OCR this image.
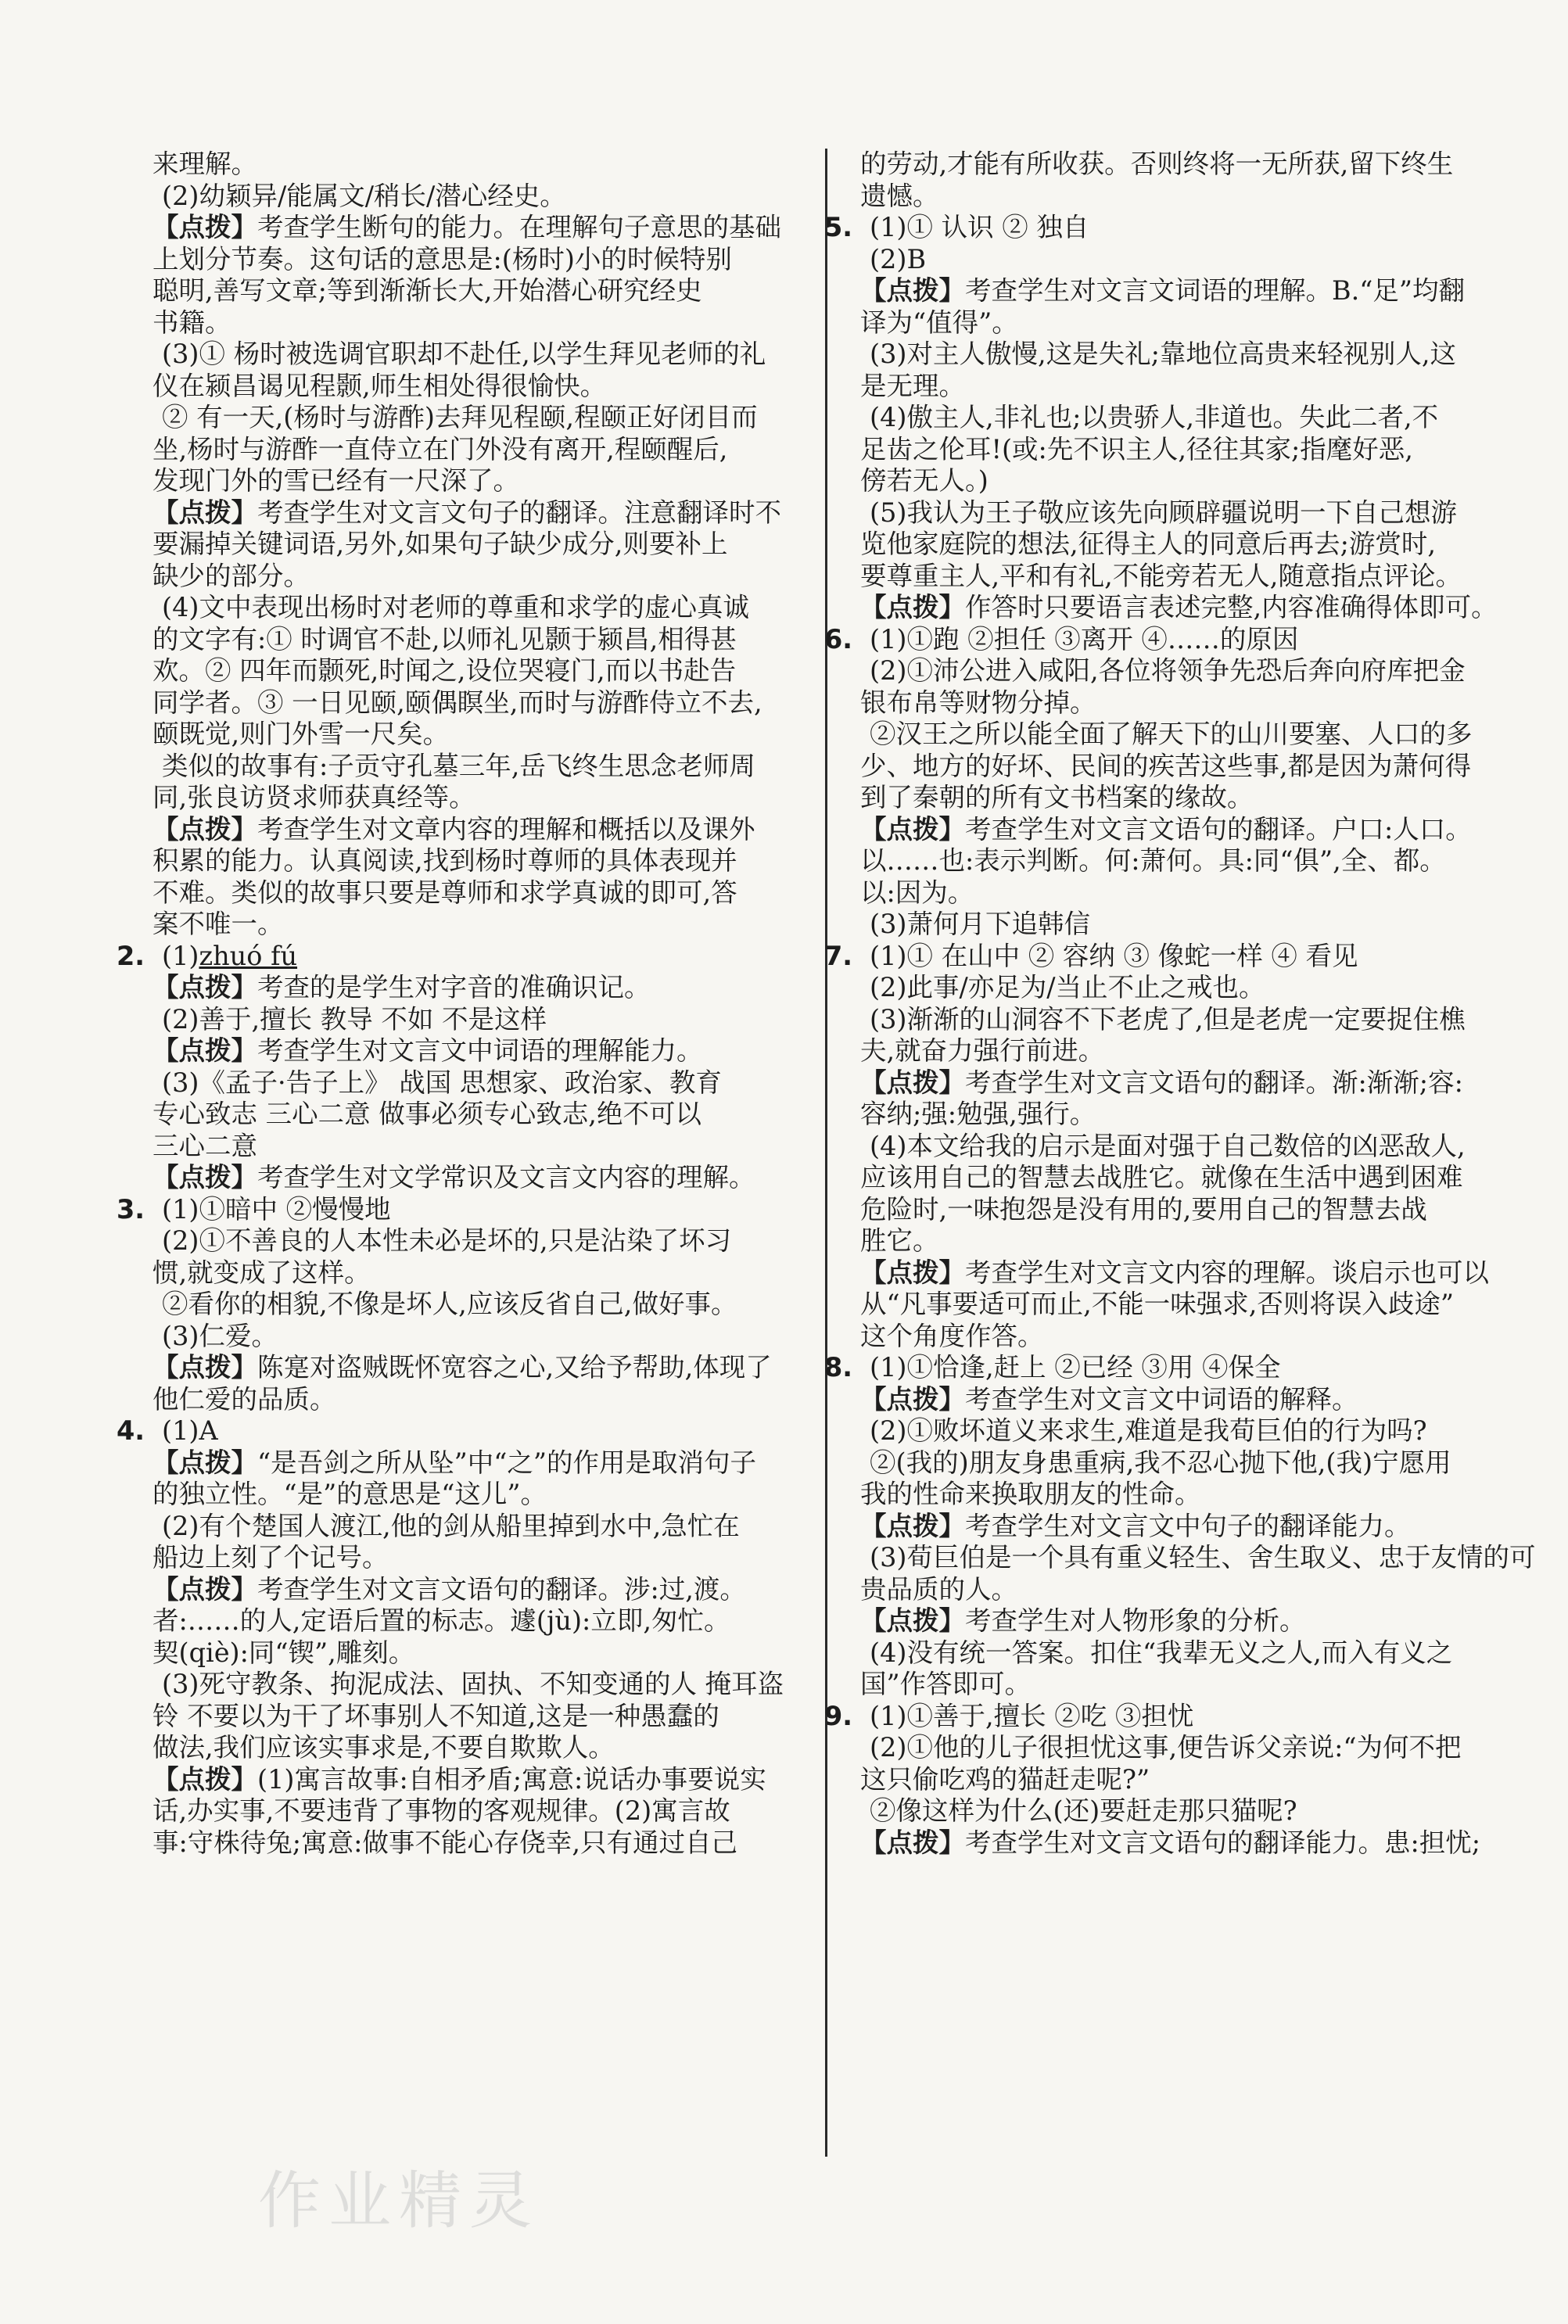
来理解。
(2)幼颖异/能属文/稍长/潜心经史。
【点拨】考查学生断句的能力。在理解句子意思的基础
上划分节奏。这句话的意思是:(杨时)小的时候特别
聪明,善写文章;等到渐渐长大,开始潜心研究经史
书籍。
(3)① 杨时被选调官职却不赴任,以学生拜见老师的礼
仪在颍昌谒见程颢,师生相处得很愉快。
② 有一天,(杨时与游酢)去拜见程颐,程颐正好闭目而
坐,杨时与游酢一直侍立在门外没有离开,程颐醒后,
发现门外的雪已经有一尺深了。
【点拨】考查学生对文言文句子的翻译。注意翻译时不
要漏掉关键词语,另外,如果句子缺少成分,则要补上
缺少的部分。
(4)文中表现出杨时对老师的尊重和求学的虚心真诚
的文字有:① 时调官不赴,以师礼见颢于颍昌,相得甚
欢。② 四年而颢死,时闻之,设位哭寝门,而以书赴告
同学者。③ 一日见颐,颐偶瞑坐,而时与游酢侍立不去,
颐既觉,则门外雪一尺矣。
类似的故事有:子贡守孔墓三年,岳飞终生思念老师周
同,张良访贤求师获真经等。
【点拨】考查学生对文章内容的理解和概括以及课外
积累的能力。认真阅读,找到杨时尊师的具体表现并
不难。类似的故事只要是尊师和求学真诚的即可,答
案不唯一。
2. (1)zhuó fú
【点拨】考查的是学生对字音的准确识记。
(2)善于,擅长 教导 不如 不是这样
【点拨】考查学生对文言文中词语的理解能力。
(3)《孟子·告子上》 战国 思想家、政治家、教育
专心致志 三心二意 做事必须专心致志,绝不可以
三心二意
【点拨】考查学生对文学常识及文言文内容的理解。
3. (1)①暗中 ②慢慢地
(2)①不善良的人本性未必是坏的,只是沾染了坏习
惯,就变成了这样。
②看你的相貌,不像是坏人,应该反省自己,做好事。
(3)仁爱。
【点拨】陈寔对盗贼既怀宽容之心,又给予帮助,体现了
他仁爱的品质。
4. (1)A
【点拨】“是吾剑之所从坠”中“之”的作用是取消句子
的独立性。“是”的意思是“这儿”。
(2)有个楚国人渡江,他的剑从船里掉到水中,急忙在
船边上刻了个记号。
【点拨】考查学生对文言文语句的翻译。涉:过,渡。
者:……的人,定语后置的标志。遽(jù):立即,匆忙。
契(qiè):同“锲”,雕刻。
(3)死守教条、拘泥成法、固执、不知变通的人 掩耳盗
铃 不要以为干了坏事别人不知道,这是一种愚蠢的
做法,我们应该实事求是,不要自欺欺人。
【点拨】(1)寓言故事:自相矛盾;寓意:说话办事要说实
话,办实事,不要违背了事物的客观规律。(2)寓言故
事:守株待兔;寓意:做事不能心存侥幸,只有通过自己
的劳动,才能有所收获。否则终将一无所获,留下终生
遗憾。
5. (1)① 认识 ② 独自
(2)B
【点拨】考查学生对文言文词语的理解。B.“足”均翻
译为“值得”。
(3)对主人傲慢,这是失礼;靠地位高贵来轻视别人,这
是无理。
(4)傲主人,非礼也;以贵骄人,非道也。失此二者,不
足齿之伦耳!(或:先不识主人,径往其家;指麾好恶,
傍若无人。)
(5)我认为王子敬应该先向顾辟疆说明一下自己想游
览他家庭院的想法,征得主人的同意后再去;游赏时,
要尊重主人,平和有礼,不能旁若无人,随意指点评论。
【点拨】作答时只要语言表述完整,内容准确得体即可。
6. (1)①跑 ②担任 ③离开 ④……的原因
(2)①沛公进入咸阳,各位将领争先恐后奔向府库把金
银布帛等财物分掉。
②汉王之所以能全面了解天下的山川要塞、人口的多
少、地方的好坏、民间的疾苦这些事,都是因为萧何得
到了秦朝的所有文书档案的缘故。
【点拨】考查学生对文言文语句的翻译。户口:人口。
以……也:表示判断。何:萧何。具:同“俱”,全、都。
以:因为。
(3)萧何月下追韩信
7. (1)① 在山中 ② 容纳 ③ 像蛇一样 ④ 看见
(2)此事/亦足为/当止不止之戒也。
(3)渐渐的山洞容不下老虎了,但是老虎一定要捉住樵
夫,就奋力强行前进。
【点拨】考查学生对文言文语句的翻译。渐:渐渐;容:
容纳;强:勉强,强行。
(4)本文给我的启示是面对强于自己数倍的凶恶敌人,
应该用自己的智慧去战胜它。就像在生活中遇到困难
危险时,一味抱怨是没有用的,要用自己的智慧去战
胜它。
【点拨】考查学生对文言文内容的理解。谈启示也可以
从“凡事要适可而止,不能一味强求,否则将误入歧途”
这个角度作答。
8. (1)①恰逢,赶上 ②已经 ③用 ④保全
【点拨】考查学生对文言文中词语的解释。
(2)①败坏道义来求生,难道是我荀巨伯的行为吗?
②(我的)朋友身患重病,我不忍心抛下他,(我)宁愿用
我的性命来换取朋友的性命。
【点拨】考查学生对文言文中句子的翻译能力。
(3)荀巨伯是一个具有重义轻生、舍生取义、忠于友情的可
贵品质的人。
【点拨】考查学生对人物形象的分析。
(4)没有统一答案。扣住“我辈无义之人,而入有义之
国”作答即可。
9. (1)①善于,擅长 ②吃 ③担忧
(2)①他的儿子很担忧这事,便告诉父亲说:“为何不把
这只偷吃鸡的猫赶走呢?”
②像这样为什么(还)要赶走那只猫呢?
【点拨】考查学生对文言文语句的翻译能力。患:担忧;
作业精灵
